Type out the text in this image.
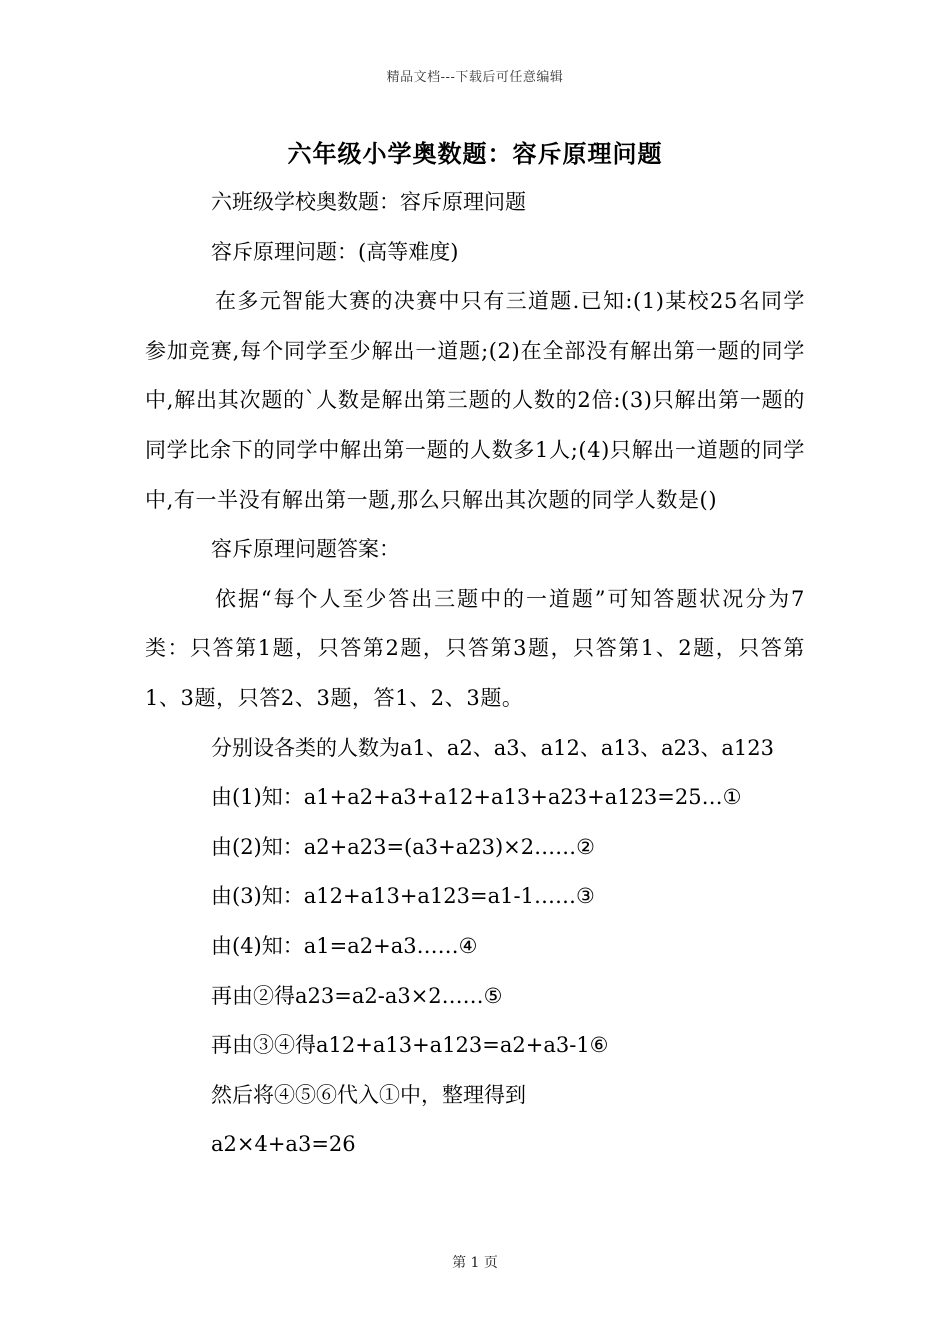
精品文档---下载后可任意编辑
六年级小学奥数题：容斥原理问题

六班级学校奥数题：容斥原理问题

容斥原理问题：(高等难度)

在多元智能大赛的决赛中只有三道题.已知:(1)某校25名同学参加竞赛,每个同学至少解出一道题;(2)在全部没有解出第一题的同学中,解出其次题的`人数是解出第三题的人数的2倍:(3)只解出第一题的同学比余下的同学中解出第一题的人数多1人;(4)只解出一道题的同学中,有一半没有解出第一题,那么只解出其次题的同学人数是()

容斥原理问题答案：

依据“每个人至少答出三题中的一道题”可知答题状况分为7类：只答第1题，只答第2题，只答第3题，只答第1、2题，只答第1、3题，只答2、3题，答1、2、3题。

分别设各类的人数为a1、a2、a3、a12、a13、a23、a123

由(1)知：a1+a2+a3+a12+a13+a23+a123=25…①

由(2)知：a2+a23=(a3+a23)×2……②

由(3)知：a12+a13+a123=a1-1……③

由(4)知：a1=a2+a3……④

再由②得a23=a2-a3×2……⑤

再由③④得a12+a13+a123=a2+a3-1⑥

然后将④⑤⑥代入①中，整理得到

a2×4+a3=26

第 1 页
